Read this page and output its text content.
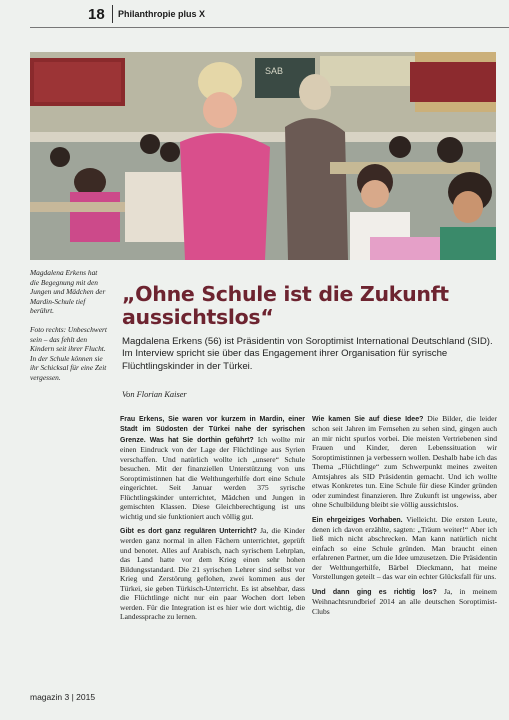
18 Philanthropie plus X
SAB

Magdalena Erkens hat die Begegnung mit den Jungen und Mädchen der Mardin-Schule tief berührt.

Foto rechts: Unbeschwert sein – das fehlt den Kindern seit ihrer Flucht. In der Schule können sie ihr Schicksal für eine Zeit vergessen.

„Ohne Schule ist die Zukunft
aussichtslos“
Magdalena Erkens (56) ist Präsidentin von Soroptimist International Deutschland (SID). Im Interview spricht sie über das Engagement ihrer Organisation für syrische Flüchtlingskinder in der Türkei.
Von Florian Kaiser

Frau Erkens, Sie waren vor kurzem in Mardin, einer Stadt im Südosten der Türkei nahe der syrischen Grenze. Was hat Sie dorthin geführt? Ich wollte mir einen Eindruck von der Lage der Flüchtlinge aus Syrien verschaffen. Und natürlich wollte ich „unsere“ Schule besuchen. Mit der finanziellen Unterstützung von uns Soroptimistinnen hat die Welthungerhilfe dort eine Schule eingerichtet. Seit Januar werden 375 syrische Flüchtlingskinder unterrichtet, Mädchen und Jungen in gemischten Klassen. Diese Gleichberechtigung ist uns wichtig und sie funktioniert auch völlig gut.

Gibt es dort ganz regulären Unterricht? Ja, die Kinder werden ganz normal in allen Fächern unterrichtet, geprüft und benotet. Alles auf Arabisch, nach syrischem Lehrplan, das Land hatte vor dem Krieg einen sehr hohen Bildungsstandard. Die 21 syrischen Lehrer sind selbst vor Krieg und Zerstörung geflohen, zwei kommen aus der Türkei, sie geben Türkisch-Unterricht. Es ist absehbar, dass die Flüchtlinge nicht nur ein paar Wochen dort leben werden. Für die Integration ist es hier wie dort wichtig, die Landessprache zu lernen.

Wie kamen Sie auf diese Idee? Die Bilder, die leider schon seit Jahren im Fernsehen zu sehen sind, gingen auch an mir nicht spurlos vorbei. Die meisten Vertriebenen sind Frauen und Kinder, deren Lebenssituation wir Soroptimistinnen ja verbessern wollen. Deshalb habe ich das Thema „Flüchtlinge“ zum Schwerpunkt meines zweiten Amtsjahres als SID Präsidentin gemacht. Und ich wollte etwas Konkretes tun. Eine Schule für diese Kinder gründen oder zumindest finanzieren. Ihre Zukunft ist ungewiss, aber ohne Schulbildung bleibt sie völlig aussichtslos.

Ein ehrgeiziges Vorhaben. Vielleicht. Die ersten Leute, denen ich davon erzählte, sagten: „Träum weiter!“ Aber ich ließ mich nicht abschrecken. Man kann natürlich nicht einfach so eine Schule gründen. Man braucht einen erfahrenen Partner, um die Idee umzusetzen. Die Präsidentin der Welthungerhilfe, Bärbel Dieckmann, hat meine Vorstellungen geteilt – das war ein echter Glücksfall für uns.

Und dann ging es richtig los? Ja, in meinem Weihnachtsrundbrief 2014 an alle deutschen Soroptimist-Clubs

magazin 3 | 2015
